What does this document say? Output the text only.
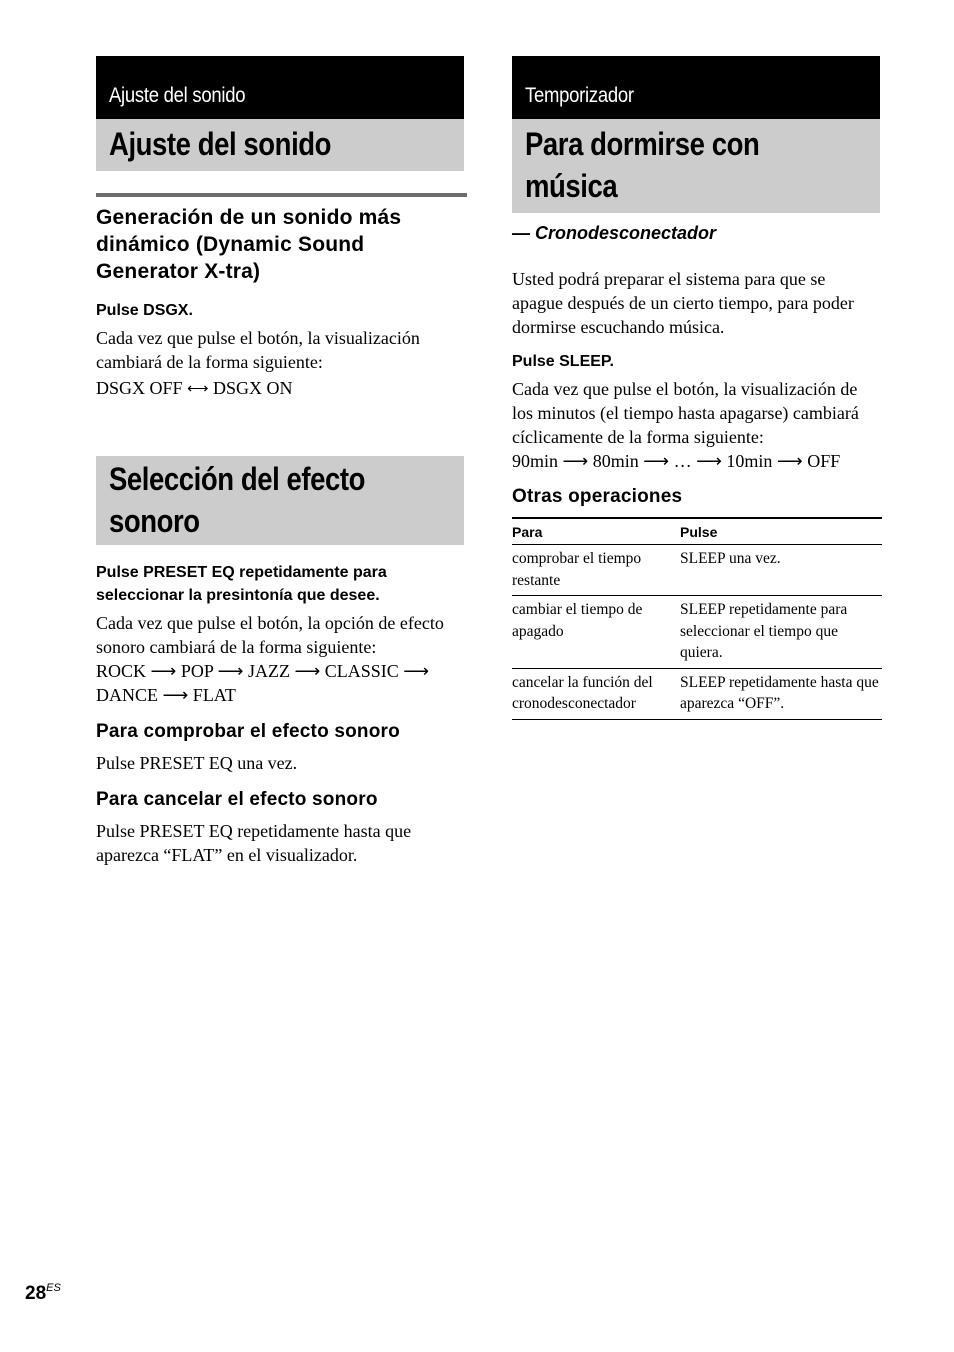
Ajuste del sonido
Ajuste del sonido
Generación de un sonido más dinámico (Dynamic Sound Generator X-tra)
Pulse DSGX.
Cada vez que pulse el botón, la visualización cambiará de la forma siguiente:
DSGX OFF ⟷ DSGX ON
Selección del efecto sonoro
Pulse PRESET EQ repetidamente para seleccionar la presintonía que desee.
Cada vez que pulse el botón, la opción de efecto sonoro cambiará de la forma siguiente:
ROCK ⟶ POP ⟶ JAZZ ⟶ CLASSIC ⟶
DANCE ⟶ FLAT
Para comprobar el efecto sonoro
Pulse PRESET EQ una vez.
Para cancelar el efecto sonoro
Pulse PRESET EQ repetidamente hasta que aparezca “FLAT” en el visualizador.
Temporizador
Para dormirse con música
— Cronodesconectador
Usted podrá preparar el sistema para que se apague después de un cierto tiempo, para poder dormirse escuchando música.
Pulse SLEEP.
Cada vez que pulse el botón, la visualización de los minutos (el tiempo hasta apagarse) cambiará cíclicamente de la forma siguiente:
90min ⟶ 80min ⟶ … ⟶ 10min ⟶ OFF
Otras operaciones
Para	Pulse
comprobar el tiempo restante	SLEEP una vez.
cambiar el tiempo de apagado	SLEEP repetidamente para seleccionar el tiempo que quiera.
cancelar la función del cronodesconectador	SLEEP repetidamente hasta que aparezca “OFF”.
$28^{ES}$
